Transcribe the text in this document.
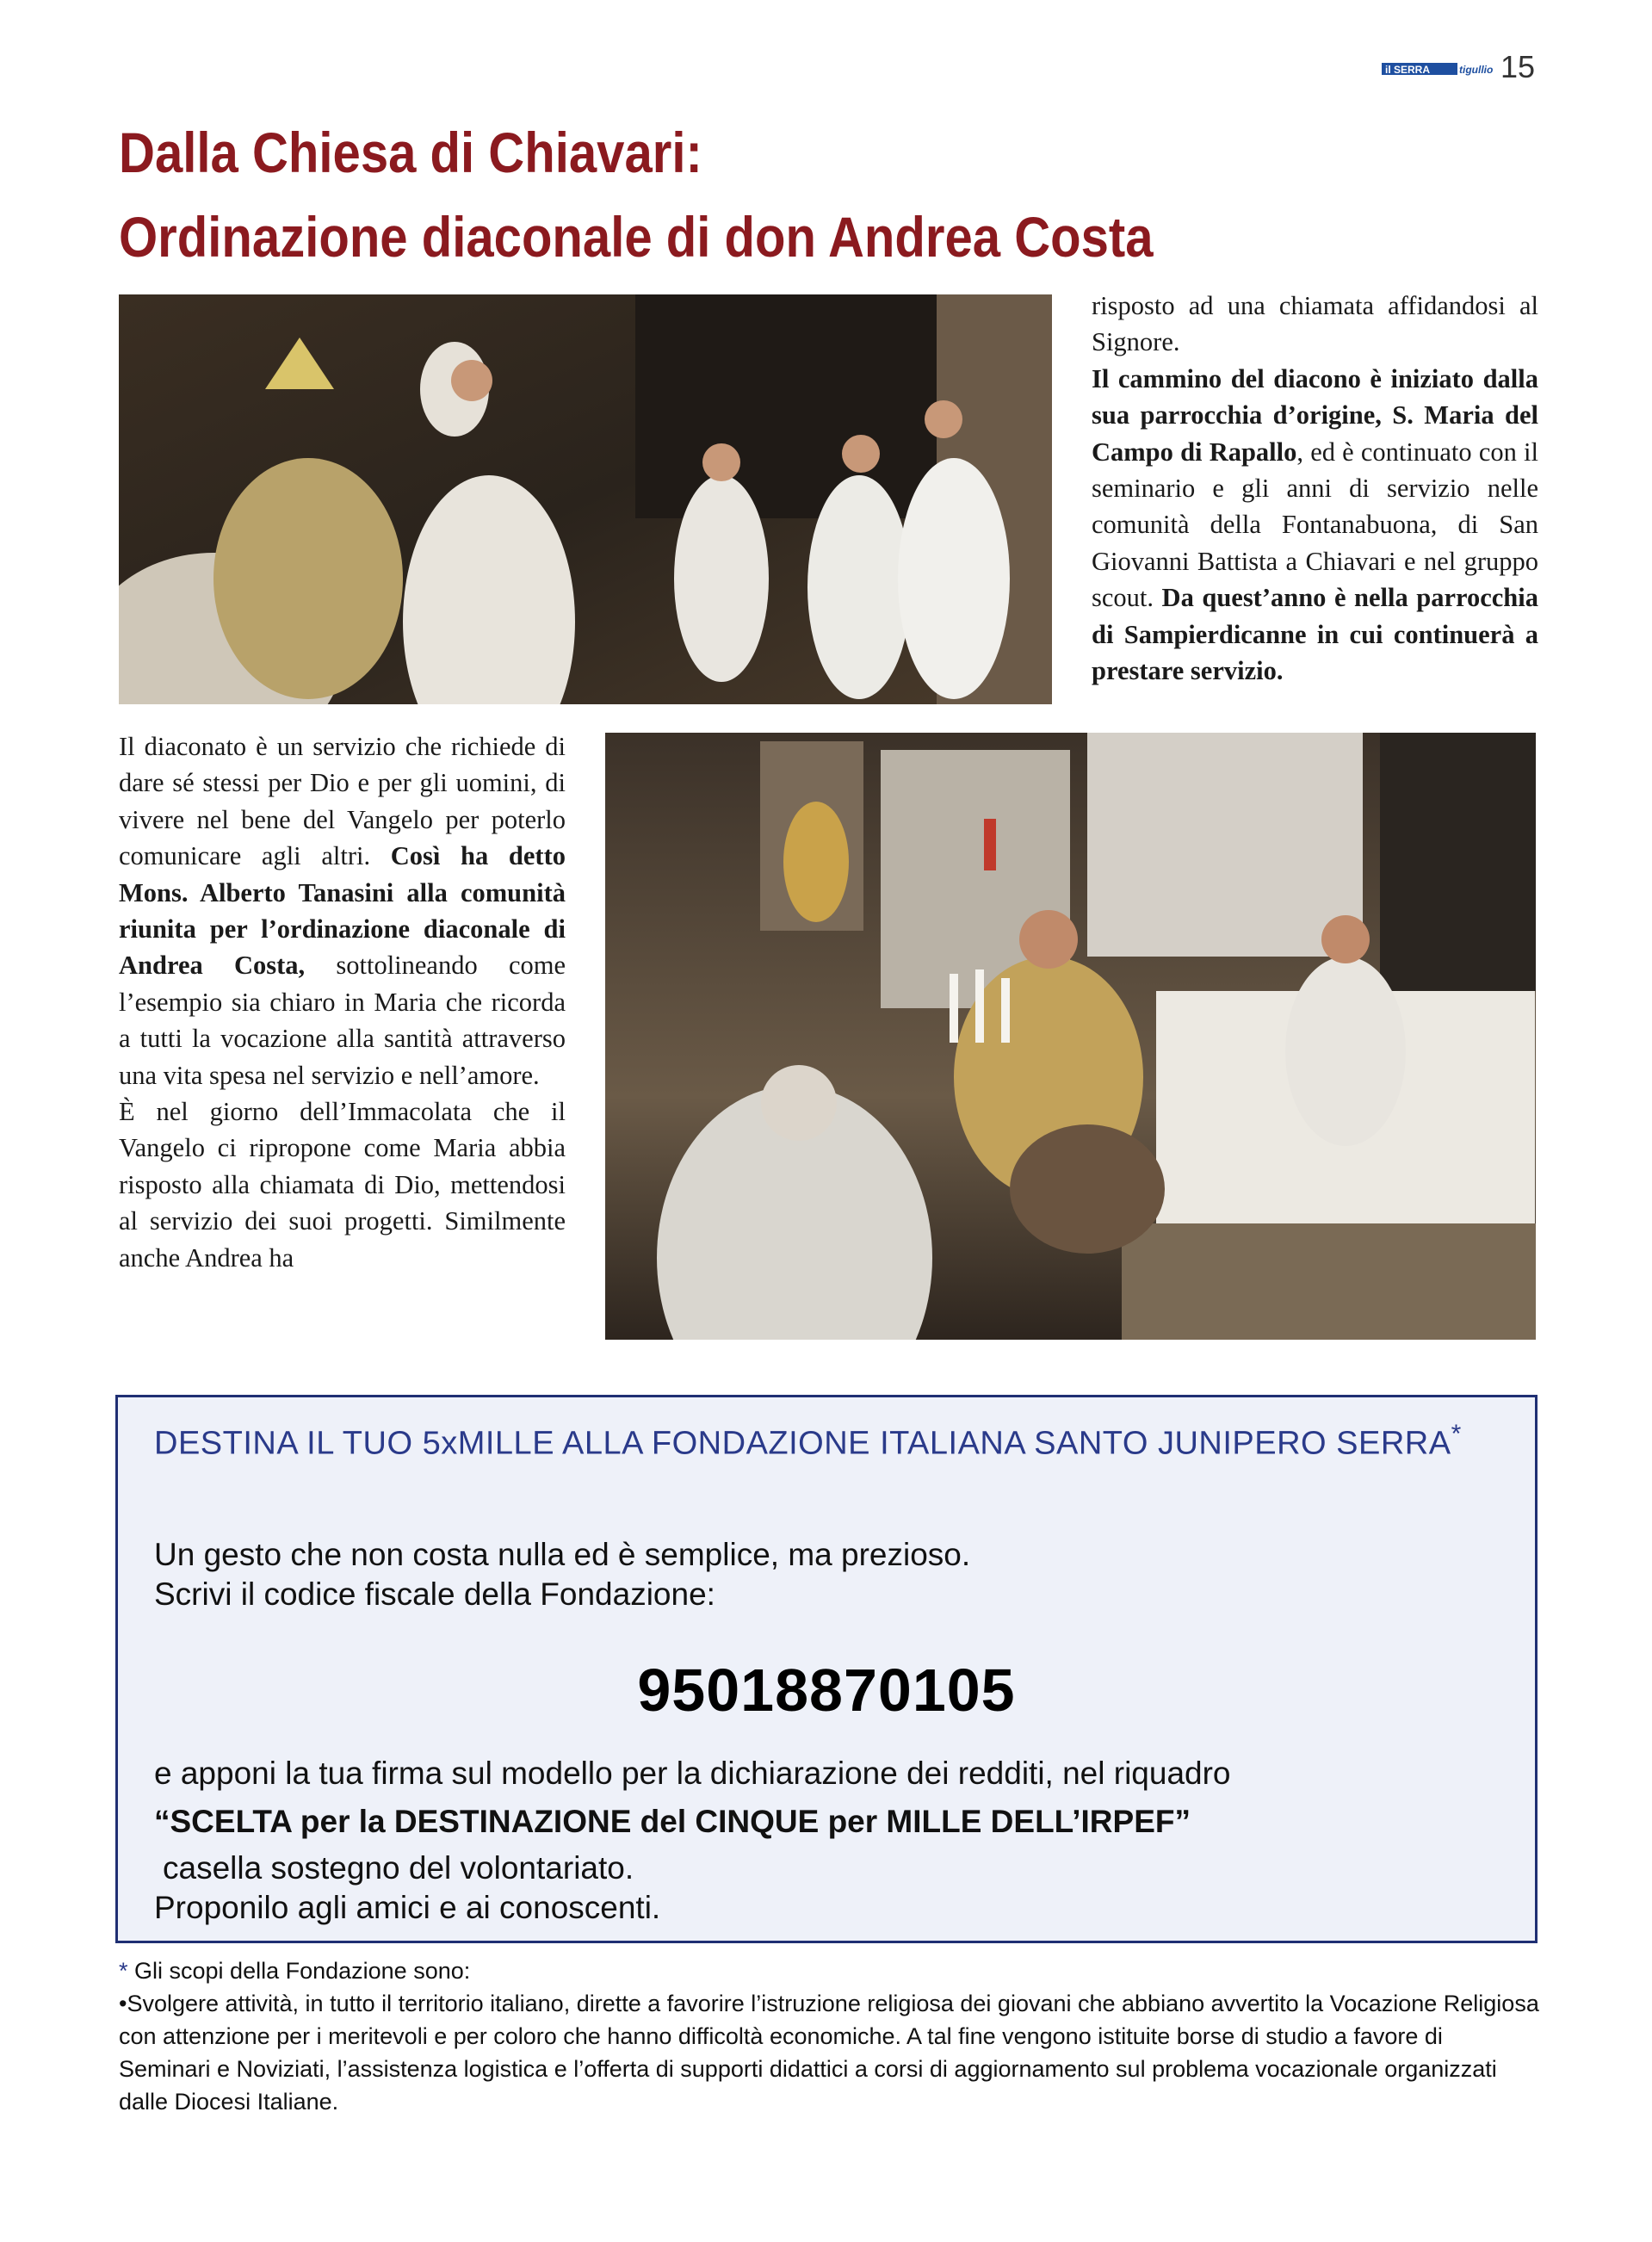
il SERRA	tigullio 15
Dalla Chiesa di Chiavari:
Ordinazione diaconale di don Andrea Costa

risposto ad una chiamata affidandosi al Signore.

Il cammino del diacono è iniziato dalla sua parrocchia d’origine, S. Maria del Campo di Rapallo, ed è continuato con il seminario e gli anni di servizio nelle comunità della Fontanabuona, di San Giovanni Battista a Chiavari e nel gruppo scout. Da quest’anno è nella parrocchia di Sampierdicanne in cui continuerà a prestare servizio.

Il diaconato è un servizio che richiede di dare sé stessi per Dio e per gli uomini, di vivere nel bene del Vangelo per poterlo comunicare agli altri. Così ha detto Mons. Alberto Tanasini alla comunità riunita per l’ordinazione diaconale di Andrea Costa, sottolineando come l’esempio sia chiaro in Maria che ricorda a tutti la vocazione alla santità attraverso una vita spesa nel servizio e nell’amore.

È nel giorno dell’Immacolata che il Vangelo ci ripropone come Maria abbia risposto alla chiamata di Dio, mettendosi al servizio dei suoi progetti. Similmente anche Andrea ha

DESTINA IL TUO 5xMILLE ALLA FONDAZIONE ITALIANA SANTO JUNIPERO SERRA*
Un gesto che non costa nulla ed è semplice, ma prezioso.
Scrivi il codice fiscale della Fondazione:
95018870105
e apponi la tua firma sul modello per la dichiarazione dei redditi, nel riquadro
“SCELTA per la DESTINAZIONE del CINQUE per MILLE DELL’IRPEF”
casella sostegno del volontariato.
Proponilo agli amici e ai conoscenti.
* Gli scopi della Fondazione sono:
•Svolgere attività, in tutto il territorio italiano, dirette a favorire l’istruzione religiosa dei giovani che abbiano avvertito la Vocazione Religiosa con attenzione per i meritevoli e per coloro che hanno difficoltà economiche. A tal fine vengono istituite borse di studio a favore di Seminari e Noviziati, l’assistenza logistica e l’offerta di supporti didattici a corsi di aggiornamento sul problema vocazionale organizzati dalle Diocesi Italiane.
